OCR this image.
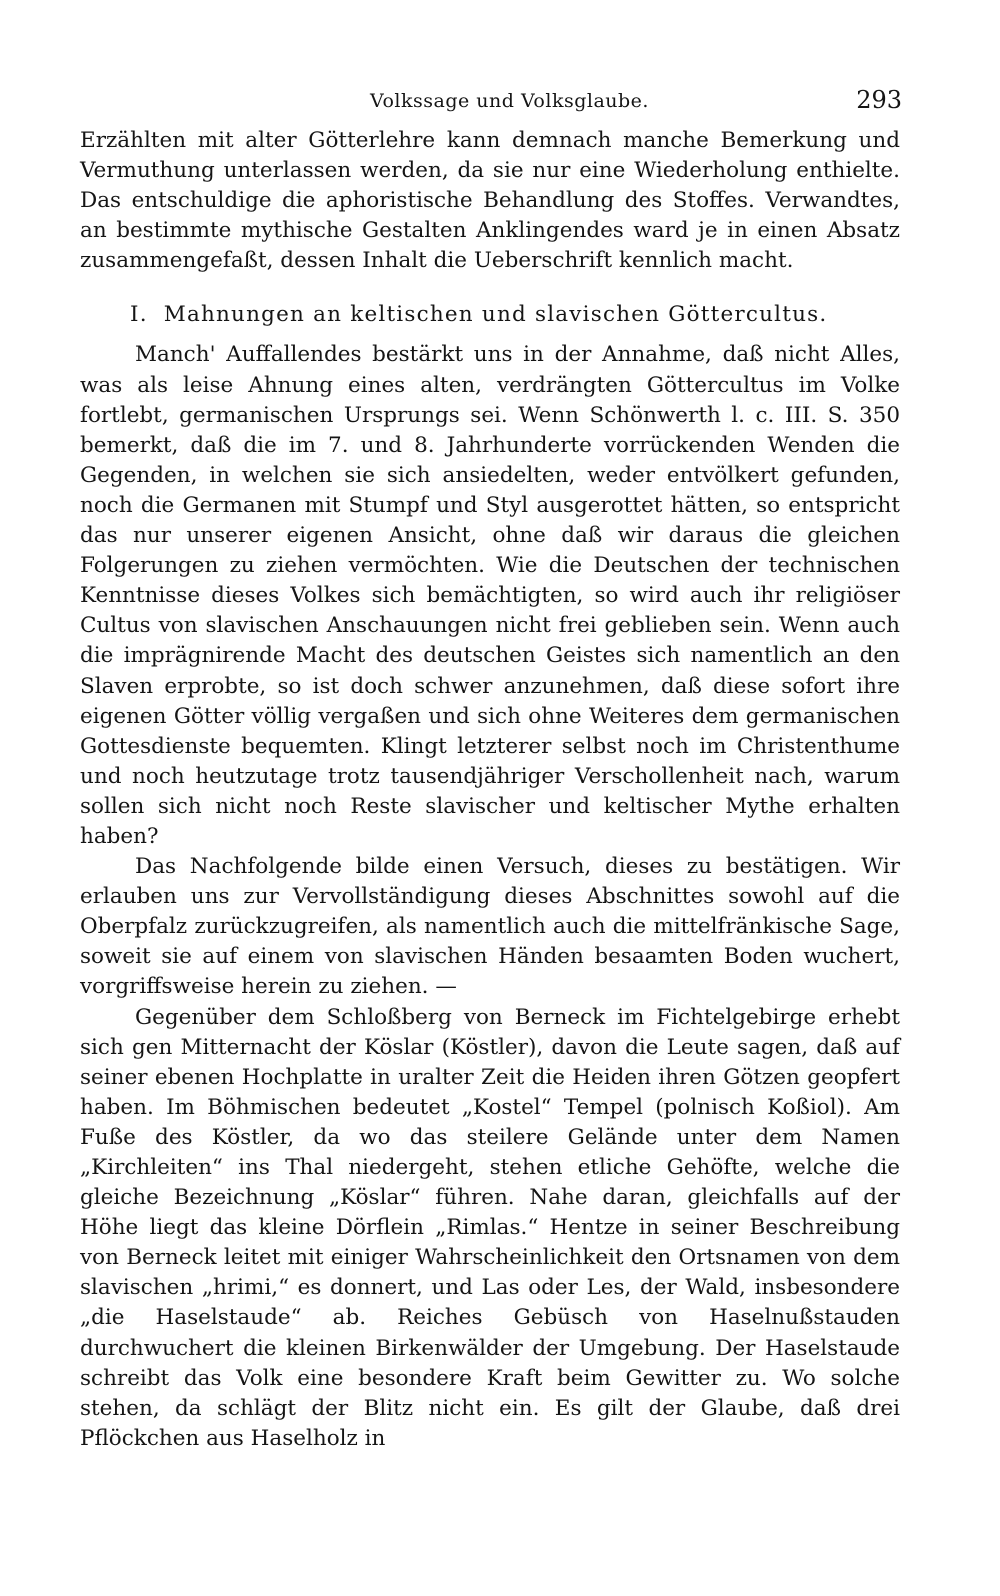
Volkssage und Volksglaube.	293

Erzählten mit alter Götterlehre kann demnach manche Bemerkung und Vermuthung unterlassen werden, da sie nur eine Wiederholung enthielte. Das entschuldige die aphoristische Behandlung des Stoffes. Verwandtes, an bestimmte mythische Gestalten Anklingendes ward je in einen Absatz zusammengefaßt, dessen Inhalt die Ueberschrift kennlich macht.

I. Mahnungen an keltischen und slavischen Göttercultus.

Manch' Auffallendes bestärkt uns in der Annahme, daß nicht Alles, was als leise Ahnung eines alten, verdrängten Göttercultus im Volke fortlebt, germanischen Ursprungs sei. Wenn Schönwerth l. c. III. S. 350 bemerkt, daß die im 7. und 8. Jahrhunderte vorrückenden Wenden die Gegenden, in welchen sie sich ansiedelten, weder entvölkert gefunden, noch die Germanen mit Stumpf und Styl ausgerottet hätten, so entspricht das nur unserer eigenen Ansicht, ohne daß wir daraus die gleichen Folgerungen zu ziehen vermöchten. Wie die Deutschen der technischen Kenntnisse dieses Volkes sich bemächtigten, so wird auch ihr religiöser Cultus von slavischen Anschauungen nicht frei geblieben sein. Wenn auch die imprägnirende Macht des deutschen Geistes sich namentlich an den Slaven erprobte, so ist doch schwer anzunehmen, daß diese sofort ihre eigenen Götter völlig vergaßen und sich ohne Weiteres dem germanischen Gottesdienste bequemten. Klingt letzterer selbst noch im Christenthume und noch heutzutage trotz tausendjähriger Verschollenheit nach, warum sollen sich nicht noch Reste slavischer und keltischer Mythe erhalten haben?

Das Nachfolgende bilde einen Versuch, dieses zu bestätigen. Wir erlauben uns zur Vervollständigung dieses Abschnittes sowohl auf die Oberpfalz zurückzugreifen, als namentlich auch die mittelfränkische Sage, soweit sie auf einem von slavischen Händen besaamten Boden wuchert, vorgriffsweise herein zu ziehen. —

Gegenüber dem Schloßberg von Berneck im Fichtelgebirge erhebt sich gen Mitternacht der Köslar (Köstler), davon die Leute sagen, daß auf seiner ebenen Hochplatte in uralter Zeit die Heiden ihren Götzen geopfert haben. Im Böhmischen bedeutet „Kostel“ Tempel (polnisch Koßiol). Am Fuße des Köstler, da wo das steilere Gelände unter dem Namen „Kirchleiten“ ins Thal niedergeht, stehen etliche Gehöfte, welche die gleiche Bezeichnung „Köslar“ führen. Nahe daran, gleichfalls auf der Höhe liegt das kleine Dörflein „Rimlas.“ Hentze in seiner Beschreibung von Berneck leitet mit einiger Wahrscheinlichkeit den Ortsnamen von dem slavischen „hrimi,“ es donnert, und Las oder Les, der Wald, insbesondere „die Haselstaude“ ab. Reiches Gebüsch von Haselnußstauden durchwuchert die kleinen Birkenwälder der Umgebung. Der Haselstaude schreibt das Volk eine besondere Kraft beim Gewitter zu. Wo solche stehen, da schlägt der Blitz nicht ein. Es gilt der Glaube, daß drei Pflöckchen aus Haselholz in
